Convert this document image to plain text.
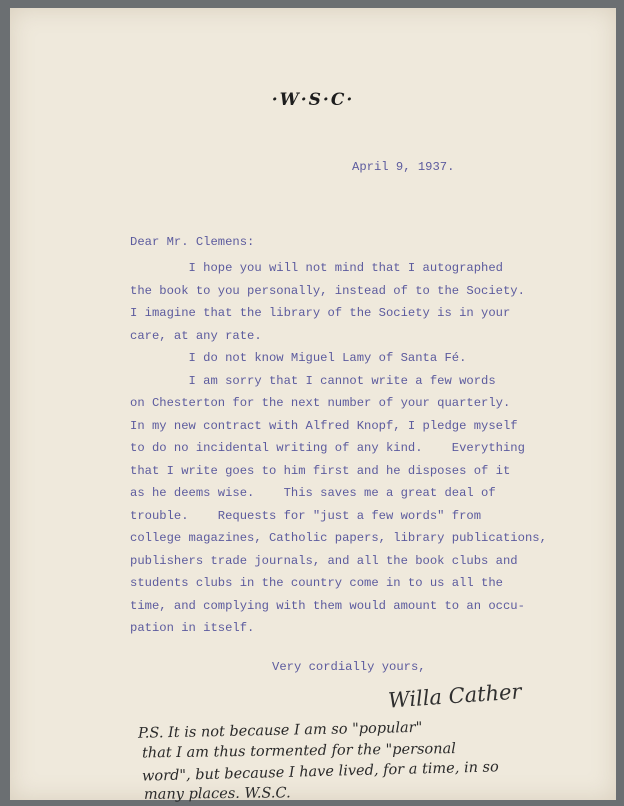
·W·S·C·
April 9, 1937.
Dear Mr. Clemens:
I hope you will not mind that I autographed
the book to you personally, instead of to the Society.
I imagine that the library of the Society is in your
care, at any rate.
I do not know Miguel Lamy of Santa Fé.
I am sorry that I cannot write a few words
on Chesterton for the next number of your quarterly.
In my new contract with Alfred Knopf, I pledge myself
to do no incidental writing of any kind.    Everything
that I write goes to him first and he disposes of it
as he deems wise.    This saves me a great deal of
trouble.    Requests for "just a few words" from
college magazines, Catholic papers, library publications,
publishers trade journals, and all the book clubs and
students clubs in the country come in to us all the
time, and complying with them would amount to an occu-
pation in itself.
Very cordially yours,
Willa Cather
P.S. It is not because I am so "popular"
that I am thus tormented for the "personal
word", but because I have lived, for a time, in so
many places. W.S.C.
